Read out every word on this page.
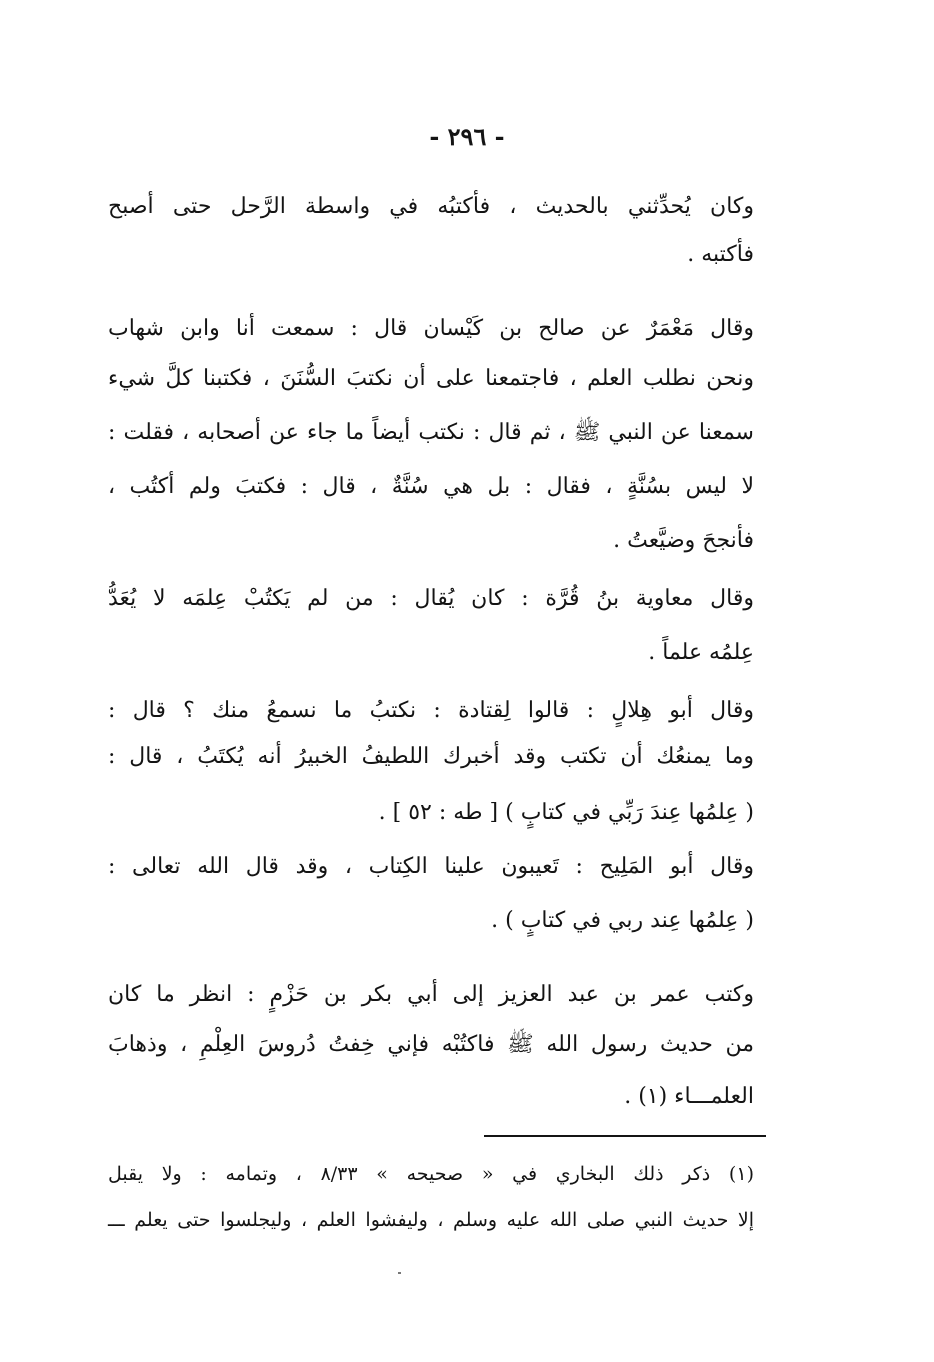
- ٢٩٦ -
وكان يُحدِّثني بالحديث ، فأكتبُه في واسطة الرَّحل حتى أصبح
فأكتبه .
وقال مَعْمَرٌ عن صالح بن كَيْسان قال : سمعت أنا وابن شهاب
ونحن نطلب العلم ، فاجتمعنا على أن نكتبَ السُّنَنَ ، فكتبنا كلَّ شيء
سمعنا عن النبي ﷺ ، ثم قال : نكتب أيضاً ما جاء عن أصحابه ، فقلت :
لا ليس بسُنَّةٍ ، فقال : بل هي سُنَّةٌ ، قال : فكتبَ ولم أكتُب ،
فأنجحَ وضيَّعتُ .
وقال معاوية بنُ قُرَّة : كان يُقال : من لم يَكتُبْ عِلمَه لا يُعَدُّ
عِلمُه علماً .
وقال أبو هِلالٍ : قالوا لِقتادة : نكتبُ ما نسمعُ منك ؟ قال :
وما يمنعُك أن تكتب وقد أخبرك اللطيفُ الخبيرُ أنه يُكتَبُ ، قال :
( عِلمُها عِندَ رَبِّي في كتابٍ ) [ طه : ٥٢ ] .
وقال أبو المَلِيح : تَعيبون علينا الكِتاب ، وقد قال الله تعالى :
( عِلمُها عِند ربي في كتابٍ ) .
وكتب عمر بن عبد العزيز إلى أبي بكر بن حَزْمٍ : انظر ما كان
من حديث رسول الله ﷺ فاكتُبْه فإني خِفتُ دُروسَ العِلْمِ ، وذهابَ
العلمـــاء (١) .
(١) ذكر ذلك البخاري في « صحيحه » ٨/٣٣ ، وتمامه : ولا يقبل
إلا حديث النبي صلى الله عليه وسلم ، وليفشوا العلم ، وليجلسوا حتى يعلم ـــ
